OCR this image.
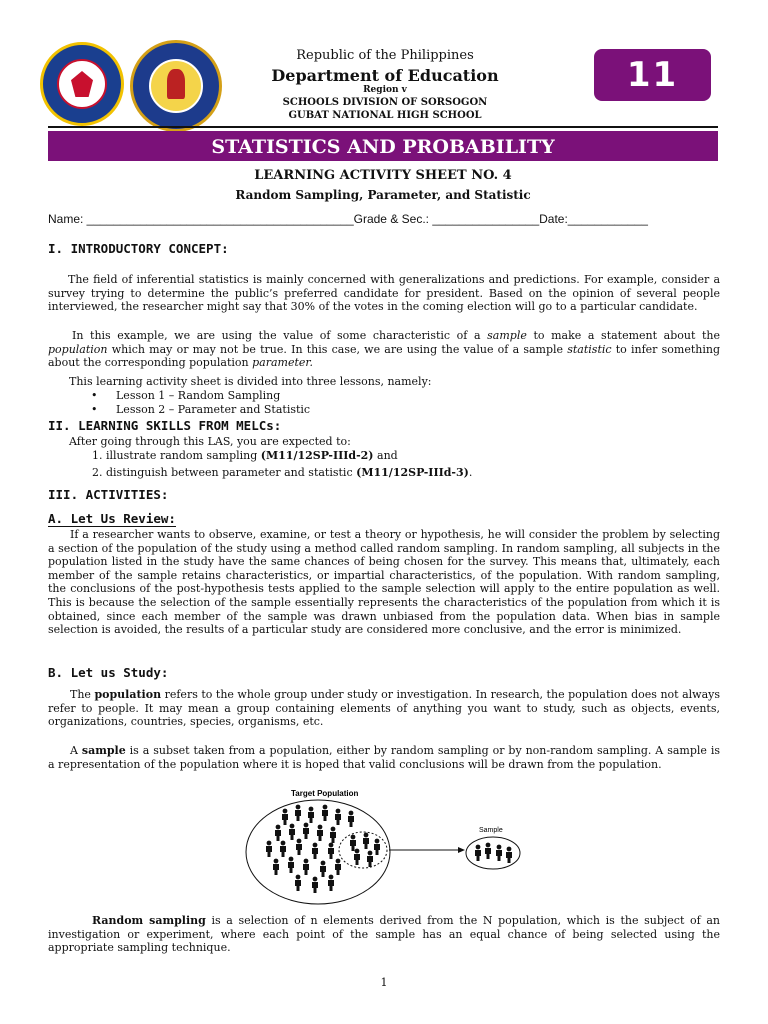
Republic of the Philippines
Department of Education
Region v
SCHOOLS DIVISION OF SORSOGON
GUBAT NATIONAL HIGH SCHOOL
11
STATISTICS AND PROBABILITY
LEARNING ACTIVITY SHEET NO. 4
Random Sampling, Parameter, and Statistic
Name: ________________________________________Grade & Sec.: ________________Date:____________
I. INTRODUCTORY CONCEPT:

The field of inferential statistics is mainly concerned with generalizations and predictions. For example, consider a survey trying to determine the public’s preferred candidate for president. Based on the opinion of several people interviewed, the researcher might say that 30% of the votes in the coming election will go to a particular candidate.

In this example, we are using the value of some characteristic of a sample to make a statement about the population which may or may not be true. In this case, we are using the value of a sample statistic to infer something about the corresponding population parameter.

This learning activity sheet is divided into three lessons, namely:
• Lesson 1 – Random Sampling
• Lesson 2 – Parameter and Statistic
II. LEARNING SKILLS FROM MELCs:
After going through this LAS, you are expected to:
1. illustrate random sampling (M11/12SP-IIId-2) and
2. distinguish between parameter and statistic (M11/12SP-IIId-3).
III. ACTIVITIES:
A. Let Us Review:

If a researcher wants to observe, examine, or test a theory or hypothesis, he will consider the problem by selecting a section of the population of the study using a method called random sampling. In random sampling, all subjects in the population listed in the study have the same chances of being chosen for the survey. This means that, ultimately, each member of the sample retains characteristics, or impartial characteristics, of the population. With random sampling, the conclusions of the post-hypothesis tests applied to the sample selection will apply to the entire population as well. This is because the selection of the sample essentially represents the characteristics of the population from which it is obtained, since each member of the sample was drawn unbiased from the population data. When bias in sample selection is avoided, the results of a particular study are considered more conclusive, and the error is minimized.

B. Let us Study:

The population refers to the whole group under study or investigation. In research, the population does not always refer to people. It may mean a group containing elements of anything you want to study, such as objects, events, organizations, countries, species, organisms, etc.

A sample is a subset taken from a population, either by random sampling or by non-random sampling. A sample is a representation of the population where it is hoped that valid conclusions will be drawn from the population.

Target Population
Sample

Random sampling is a selection of n elements derived from the N population, which is the subject of an investigation or experiment, where each point of the sample has an equal chance of being selected using the appropriate sampling technique.

1
